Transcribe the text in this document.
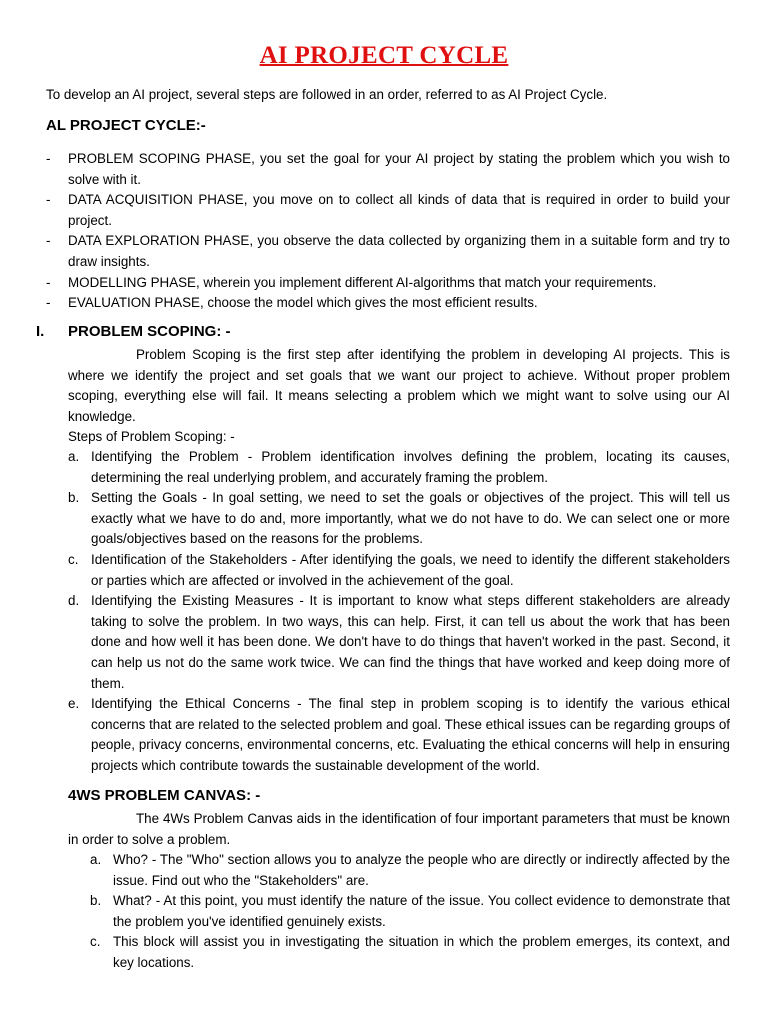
AI PROJECT CYCLE
To develop an AI project, several steps are followed in an order, referred to as AI Project Cycle.
AL PROJECT CYCLE:-
- PROBLEM SCOPING PHASE, you set the goal for your AI project by stating the problem which you wish to solve with it.
- DATA ACQUISITION PHASE, you move on to collect all kinds of data that is required in order to build your project.
- DATA EXPLORATION PHASE, you observe the data collected by organizing them in a suitable form and try to draw insights.
- MODELLING PHASE, wherein you implement different AI-algorithms that match your requirements.
- EVALUATION PHASE, choose the model which gives the most efficient results.
I. PROBLEM SCOPING: -

Problem Scoping is the first step after identifying the problem in developing AI projects. This is where we identify the project and set goals that we want our project to achieve. Without proper problem scoping, everything else will fail. It means selecting a problem which we might want to solve using our AI knowledge.

Steps of Problem Scoping: -
a. Identifying the Problem - Problem identification involves defining the problem, locating its causes, determining the real underlying problem, and accurately framing the problem.
b. Setting the Goals - In goal setting, we need to set the goals or objectives of the project. This will tell us exactly what we have to do and, more importantly, what we do not have to do. We can select one or more goals/objectives based on the reasons for the problems.
c. Identification of the Stakeholders - After identifying the goals, we need to identify the different stakeholders or parties which are affected or involved in the achievement of the goal.
d. Identifying the Existing Measures - It is important to know what steps different stakeholders are already taking to solve the problem. In two ways, this can help. First, it can tell us about the work that has been done and how well it has been done. We don't have to do things that haven't worked in the past. Second, it can help us not do the same work twice. We can find the things that have worked and keep doing more of them.
e. Identifying the Ethical Concerns - The final step in problem scoping is to identify the various ethical concerns that are related to the selected problem and goal. These ethical issues can be regarding groups of people, privacy concerns, environmental concerns, etc. Evaluating the ethical concerns will help in ensuring projects which contribute towards the sustainable development of the world.
4WS PROBLEM CANVAS: -

The 4Ws Problem Canvas aids in the identification of four important parameters that must be known in order to solve a problem.

a. Who? - The "Who" section allows you to analyze the people who are directly or indirectly affected by the issue. Find out who the "Stakeholders" are.
b. What? - At this point, you must identify the nature of the issue. You collect evidence to demonstrate that the problem you've identified genuinely exists.
c. This block will assist you in investigating the situation in which the problem emerges, its context, and key locations.
